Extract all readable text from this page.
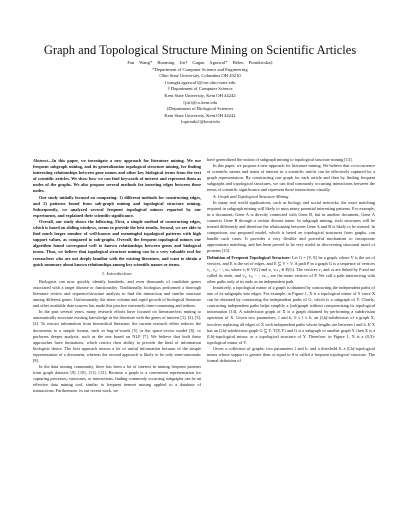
Graph and Topological Structure Mining on Scientific Articles
Fan Wang* Ruoming Jin† Gagan Agrawal* Helen Piontkivska‡
*Department of Computer Science and Engineering
Ohio State University, Columbus OH 43210
{wangfa,agrawal}@cse.ohio-state.edu
† Department of Computer Science
Kent State University, Kent OH 44242
{jin}@cs.kent.edu
‡Department of Biological Sciences
Kent State University, Kent OH 44242
{opiontki}@kent.edu

Abstract—In this paper, we investigate a new approach for literature mining. We use frequent subgraph mining, and its generalization topological structure mining, for finding interesting relationships between gene names and other key biological terms from the text of scientific articles. We show how we can find keywords of interest and represent them as nodes of the graphs. We also propose several methods for inserting edges between these nodes.

Our study initially focused on comparing: 1) different methods for constructing edges, and 2) patterns found from sub-graph mining and topological structure mining. Subsequently, we analyzed several frequent topological minors reported by our experiments, and explained their scientific significance.

Overall, our study shows the following. First, a simple method of constructing edges, which is based on sliding windows, seems to provide the best results. Second, we are able to find much larger number of well-known and meaningful topological patterns with high support values, as compared to sub-graphs. Overall, the frequent topological minors our algorithm found correspond well to known relationships between genes and biological terms. Thus, we believe that topological structure mining can be a very valuable tool for researchers who are not deeply familiar with the existing literature, and want to obtain a quick summary about known relationships among key scientific names or terms.

I. Introduction

Biologists can now quickly identify hundreds, and even thousands of candidate genes associated with a target disease or functionality. Traditionally, biologists performed a thorough literature review and sequence/structure analysis to find the interaction and similar structure among different genes. Unfortunately, the sheer volume and rapid growth of biological literature and other available data sources has made this practice extremely time-consuming and tedious.

In the past several years, many research efforts have focused on literature/text mining to automatically associate existing knowledge in the literature with the genes of interest [1], [2], [3], [4]. To extract information from biomedical literature, the current research either reduces the documents to a simple format, such as bag-of-words [5] or the space-vector model [6], or performs deeper analysis, such as the one based on NLP [7]. We believe that both these approaches have limitations, which restrict their ability to provide the kind of information biologists desire. The first approach misses a lot of useful information because of the simple representation of a document, whereas the second approach is likely to be only semi-automatic [8].

In the data mining community, there has been a lot of interest in mining frequent patterns from graph datasets [9], [10], [11], [12]. Because a graph is a convenient representation for capturing precesses, structures, or interactions, finding commonly occurring subgraphs can be an effective data mining tool, similar to frequent itemset mining applied to a database of transactions. Furthermore, in our recent work, we

have generalized the notion of subgraph mining to topological structure mining [13].

In this paper, we propose a new approach for literature mining. We believe that co-occurrence of scientific names and terms of interest in a scientific article can be effectively captured by a graph representation. By constructing one graph for each article and then by finding frequent subgraphs and topological structures, we can find commonly occurring interactions between the terms of scientific significance and represent those interactions visually.

A. Graph and Topological Structure Mining

In many real world applications, such as biology and social networks, the exact matching required in subgraph mining will likely to miss many potential interesting patterns. For example, in a document, Gene A is directly connected with Gene B, but in another document, Gene A connects Gene B through a certain disease name. In subgraph mining, such structures will be treated differently and therefore the relationship between Gene A and B is likely to be missed. In comparison, our proposed model, which is based on topological structures from graphs, can handle such cases. It provides a very flexible and powerful mechanism to incorporate approximate matching, and has been proved to be very useful in discovering structural motif of proteins [13].

Definition of Frequent Topological Structure: Let G = (V, E) be a graph, where V is the set of vertices, and E is the set of edges, and E ⊆ V × V. A path P in a graph G is a sequence of vertices v₁, v₂, ···, vₖ, where vᵢ ∈ V(G) and vᵢ, vᵢ₊₁ ∈ E(G). The vertices v₁ and vₖ are linked by P and are called its ends, and v₂, v₃, ···, vₖ₋₁ are the inner vertices of P. We call a path intersecting with other paths only at its ends as an independent path.

Intuitively, a topological minor of a graph is obtained by contracting the independent paths of one of its subgraphs into edges. For example, in Figure 1, X is a topological minor of Y since X can be obtained by contracting the independent paths of G, which is a subgraph of Y. Clearly, contracting independent paths helps simplify a (sub)graph without compromising its topological information [14]. A subdivision graph of X is a graph obtained by performing a subdivision operation of X. Given two parameters, l and h, 0 ≤ l ≤ h, an (l,h)-subdivision of a graph X, involves replacing all edges of X with independent paths whose lengths are between l and h. If X has an (l,h)-subdivision graph G ⊆ Y, T(X,Y) and G is a subgraph of another graph Y, then X is a (l,h)-topological minor, or a topological structure of Y. Therefore, in Figure 1, X is a (0,3)-topological minor of Y.

Given a collection of graphs, two parameters l and h, and a threshold θ, a (l,h)-topological minor whose support is greater than or equal to θ is called a frequent topological structure. The formal definition of
